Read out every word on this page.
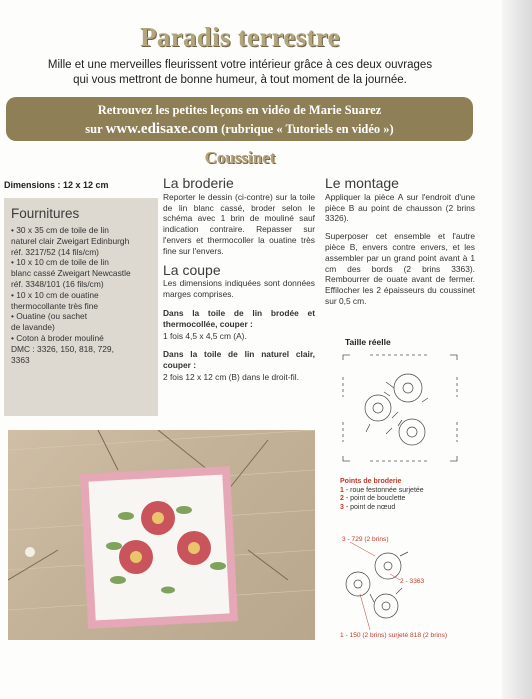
Paradis terrestre
Mille et une merveilles fleurissent votre intérieur grâce à ces deux ouvrages
qui vous mettront de bonne humeur, à tout moment de la journée.
Retrouvez les petites leçons en vidéo de Marie Suarez
sur www.edisaxe.com (rubrique « Tutoriels en vidéo »)
Coussinet
Dimensions : 12 x 12 cm
Fournitures
• 30 x 35 cm de toile de lin
naturel clair Zweigart Edinburgh
réf. 3217/52 (14 fils/cm)
• 10 x 10 cm de toile de lin
blanc cassé Zweigart Newcastle
réf. 3348/101 (16 fils/cm)
• 10 x 10 cm de ouatine
thermocollante très fine
• Ouatine (ou sachet
de lavande)
• Coton à broder mouliné
DMC : 3326, 150, 818, 729,
3363
La broderie

Reporter le dessin (ci-contre) sur la toile de lin blanc cassé, broder selon le schéma avec 1 brin de mouliné sauf indication contraire. Repasser sur l'envers et thermocoller la ouatine très fine sur l'envers.

La coupe

Les dimensions indiquées sont données marges comprises.

Dans la toile de lin brodée et thermocollée, couper :
1 fois 4,5 x 4,5 cm (A).
Dans la toile de lin naturel clair, couper :
2 fois 12 x 12 cm (B) dans le droit-fil.
Le montage

Appliquer la pièce A sur l'endroit d'une pièce B au point de chausson (2 brins 3326).

Superposer cet ensemble et l'autre pièce B, envers contre envers, et les assembler par un grand point avant à 1 cm des bords (2 brins 3363). Rembourrer de ouate avant de fermer. Effilocher les 2 épaisseurs du coussinet sur 0,5 cm.

Taille réelle
Points de broderie
1 - roue festonnée surjetée
2 - point de bouclette
3 - point de nœud
3 - 729 (2 brins)
2 - 3363
1 - 150 (2 brins) surjeté 818 (2 brins)
